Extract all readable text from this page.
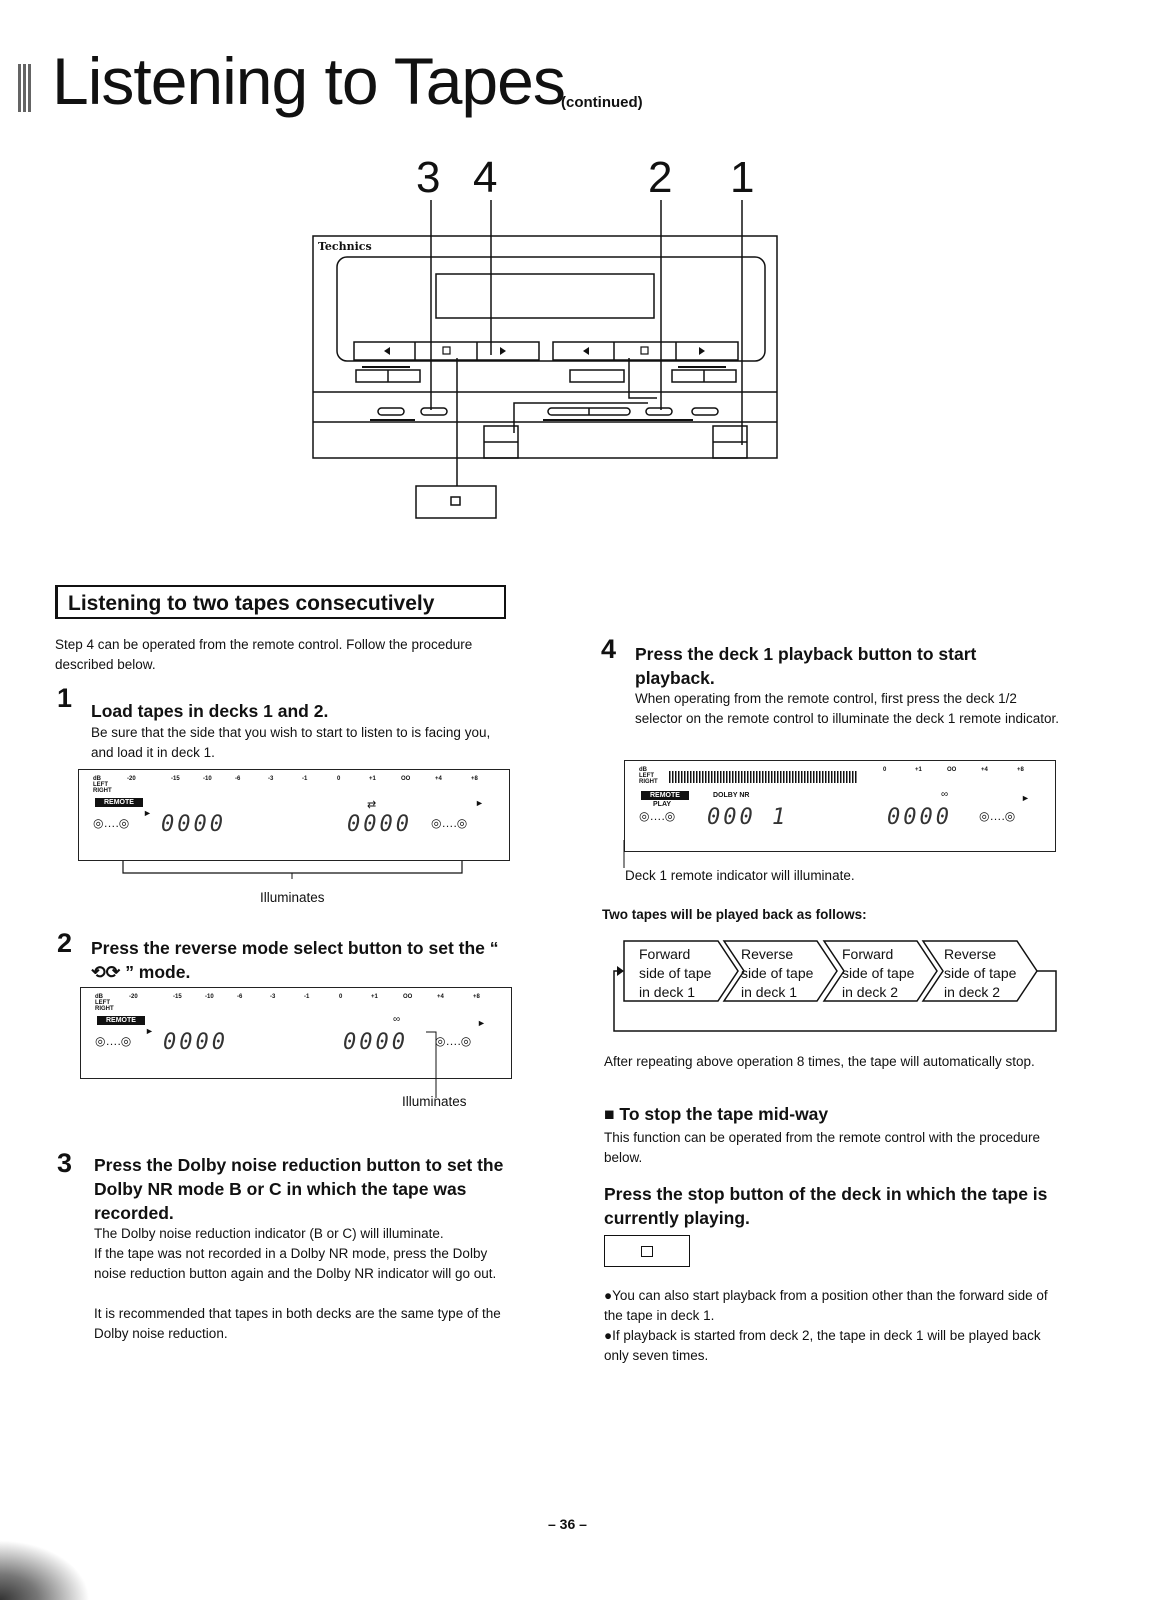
Listening to Tapes
(continued)
3 4	2 1
Technics
Listening to two tapes consecutively
Step 4 can be operated from the remote control. Follow the procedure described below.
1 Load tapes in decks 1 and 2.
Be sure that the side that you wish to start to listen to is facing you, and load it in deck 1.
dB
LEFT
RIGHT
-20	-15	-10	-6	-3	-1	0	+1	OO	+4	+8
REMOTE
►
◎….◎ 0000
⇄
0000 ◎….◎
►
Illuminates
2 Press the reverse mode select button to set the “ ⟲⟳ ” mode.
dB
LEFT
RIGHT
-20	-15	-10	-6	-3	-1	0	+1	OO	+4	+8
REMOTE
►
◎….◎ 0000
∞
0000 ◎….◎
►
Illuminates
3 Press the Dolby noise reduction button to set the Dolby NR mode B or C in which the tape was recorded.
The Dolby noise reduction indicator (B or C) will illuminate.
If the tape was not recorded in a Dolby NR mode, press the Dolby noise reduction button again and the Dolby NR indicator will go out.
It is recommended that tapes in both decks are the same type of the Dolby noise reduction.
4 Press the deck 1 playback button to start playback.
When operating from the remote control, first press the deck 1/2 selector on the remote control to illuminate the deck 1 remote indicator.
dB
LEFT
RIGHT
0	+1	OO	+4	+8
REMOTE
PLAY
DOLBY NR
◎….◎ 000 1
∞
0000 ◎….◎
►
Deck 1 remote indicator will illuminate.
Two tapes will be played back as follows:
Forward
side of tape
in deck 1
Reverse
side of tape
in deck 1
Forward
side of tape
in deck 2
Reverse
side of tape
in deck 2
After repeating above operation 8 times, the tape will automatically stop.
■ To stop the tape mid-way
This function can be operated from the remote control with the procedure below.
Press the stop button of the deck in which the tape is currently playing.
●You can also start playback from a position other than the forward side of the tape in deck 1.
●If playback is started from deck 2, the tape in deck 1 will be played back only seven times.
– 36 –
